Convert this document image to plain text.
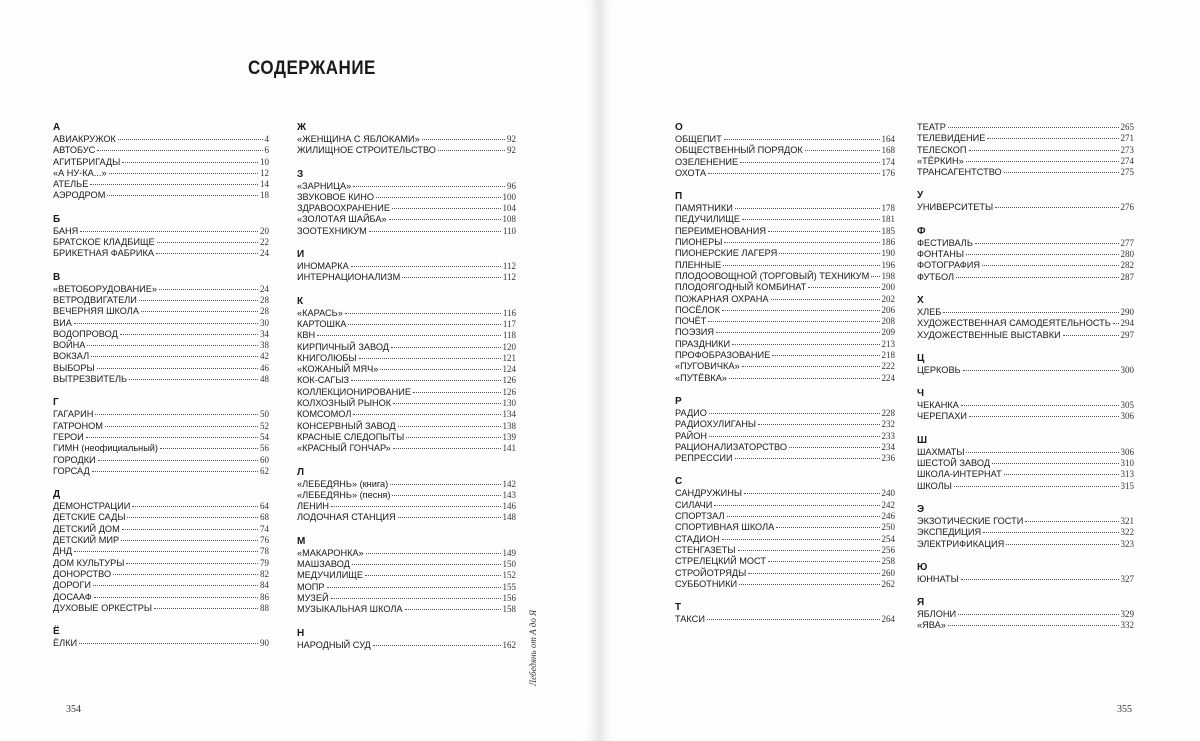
СОДЕРЖАНИЕ
А
АВИАКРУЖОК	4
АВТОБУС	6
АГИТБРИГАДЫ	10
«А НУ-КА...»	12
АТЕЛЬЕ	14
АЭРОДРОМ	18
Б
БАНЯ	20
БРАТСКОЕ КЛАДБИЩЕ	22
БРИКЕТНАЯ ФАБРИКА	24
В
«ВЕТОБОРУДОВАНИЕ»	24
ВЕТРОДВИГАТЕЛИ	28
ВЕЧЕРНЯЯ ШКОЛА	28
ВИА	30
ВОДОПРОВОД	34
ВОЙНА	38
ВОКЗАЛ	42
ВЫБОРЫ	46
ВЫТРЕЗВИТЕЛЬ	48
Г
ГАГАРИН	50
ГАТРОНОМ	52
ГЕРОИ	54
ГИМН (неофициальный)	56
ГОРОДКИ	60
ГОРСАД	62
Д
ДЕМОНСТРАЦИИ	64
ДЕТСКИЕ САДЫ	68
ДЕТСКИЙ ДОМ	74
ДЕТСКИЙ МИР	76
ДНД	78
ДОМ КУЛЬТУРЫ	79
ДОНОРСТВО	82
ДОРОГИ	84
ДОСААФ	86
ДУХОВЫЕ ОРКЕСТРЫ	88
Ё
ЁЛКИ	90
Ж
«ЖЕНЩИНА С ЯБЛОКАМИ»	92
ЖИЛИЩНОЕ СТРОИТЕЛЬСТВО	92
З
«ЗАРНИЦА»	96
ЗВУКОВОЕ КИНО	100
ЗДРАВООХРАНЕНИЕ	104
«ЗОЛОТАЯ ШАЙБА»	108
ЗООТЕХНИКУМ	110
И
ИНОМАРКА	112
ИНТЕРНАЦИОНАЛИЗМ	112
К
«КАРАСЬ»	116
КАРТОШКА	117
КВН	118
КИРПИЧНЫЙ ЗАВОД	120
КНИГОЛЮБЫ	121
«КОЖАНЫЙ МЯЧ»	124
КОК-САГЫЗ	126
КОЛЛЕКЦИОНИРОВАНИЕ	126
КОЛХОЗНЫЙ РЫНОК	130
КОМСОМОЛ	134
КОНСЕРВНЫЙ ЗАВОД	138
КРАСНЫЕ СЛЕДОПЫТЫ	139
«КРАСНЫЙ ГОНЧАР»	141
Л
«ЛЕБЕДЯНЬ» (книга)	142
«ЛЕБЕДЯНЬ» (песня)	143
ЛЕНИН	146
ЛОДОЧНАЯ СТАНЦИЯ	148
М
«МАКАРОНКА»	149
МАШЗАВОД	150
МЕДУЧИЛИЩЕ	152
МОПР	155
МУЗЕЙ	156
МУЗЫКАЛЬНАЯ ШКОЛА	158
Н
НАРОДНЫЙ СУД	162 Лебедянь от А до Я
354
О
ОБЩЕПИТ	164
ОБЩЕСТВЕННЫЙ ПОРЯДОК	168
ОЗЕЛЕНЕНИЕ	174
ОХОТА	176
П
ПАМЯТНИКИ	178
ПЕДУЧИЛИЩЕ	181
ПЕРЕИМЕНОВАНИЯ	185
ПИОНЕРЫ	186
ПИОНЕРСКИЕ ЛАГЕРЯ	190
ПЛЕННЫЕ	196
ПЛОДООВОЩНОЙ (ТОРГОВЫЙ) ТЕХНИКУМ 198
ПЛОДОЯГОДНЫЙ КОМБИНАТ	200
ПОЖАРНАЯ ОХРАНА	202
ПОСЁЛОК	206
ПОЧЁТ	208
ПОЭЗИЯ	209
ПРАЗДНИКИ	213
ПРОФОБРАЗОВАНИЕ	218
«ПУГОВИЧКА»	222
«ПУТЁВКА»	224
Р
РАДИО	228
РАДИОХУЛИГАНЫ	232
РАЙОН	233
РАЦИОНАЛИЗАТОРСТВО	234
РЕПРЕССИИ	236
С
САНДРУЖИНЫ	240
СИЛАЧИ	242
СПОРТЗАЛ	246
СПОРТИВНАЯ ШКОЛА	250
СТАДИОН	254
СТЕНГАЗЕТЫ	256
СТРЕЛЕЦКИЙ МОСТ	258
СТРОЙОТРЯДЫ	260
СУББОТНИКИ	262
Т
ТАКСИ	264
ТЕАТР	265
ТЕЛЕВИДЕНИЕ	271
ТЕЛЕСКОП	273
«ТЁРКИН»	274
ТРАНСАГЕНТСТВО	275
У
УНИВЕРСИТЕТЫ	276
Ф
ФЕСТИВАЛЬ	277
ФОНТАНЫ	280
ФОТОГРАФИЯ	282
ФУТБОЛ	287
Х
ХЛЕБ	290
ХУДОЖЕСТВЕННАЯ САМОДЕЯТЕЛЬНОСТЬ 294
ХУДОЖЕСТВЕННЫЕ ВЫСТАВКИ	297
Ц
ЦЕРКОВЬ	300
Ч
ЧЕКАНКА	305
ЧЕРЕПАХИ	306
Ш
ШАХМАТЫ	306
ШЕСТОЙ ЗАВОД	310
ШКОЛА-ИНТЕРНАТ	313
ШКОЛЫ	315
Э
ЭКЗОТИЧЕСКИЕ ГОСТИ	321
ЭКСПЕДИЦИЯ	322
ЭЛЕКТРИФИКАЦИЯ	323
Ю
ЮННАТЫ	327
Я
ЯБЛОНИ	329
«ЯВА»	332
355
